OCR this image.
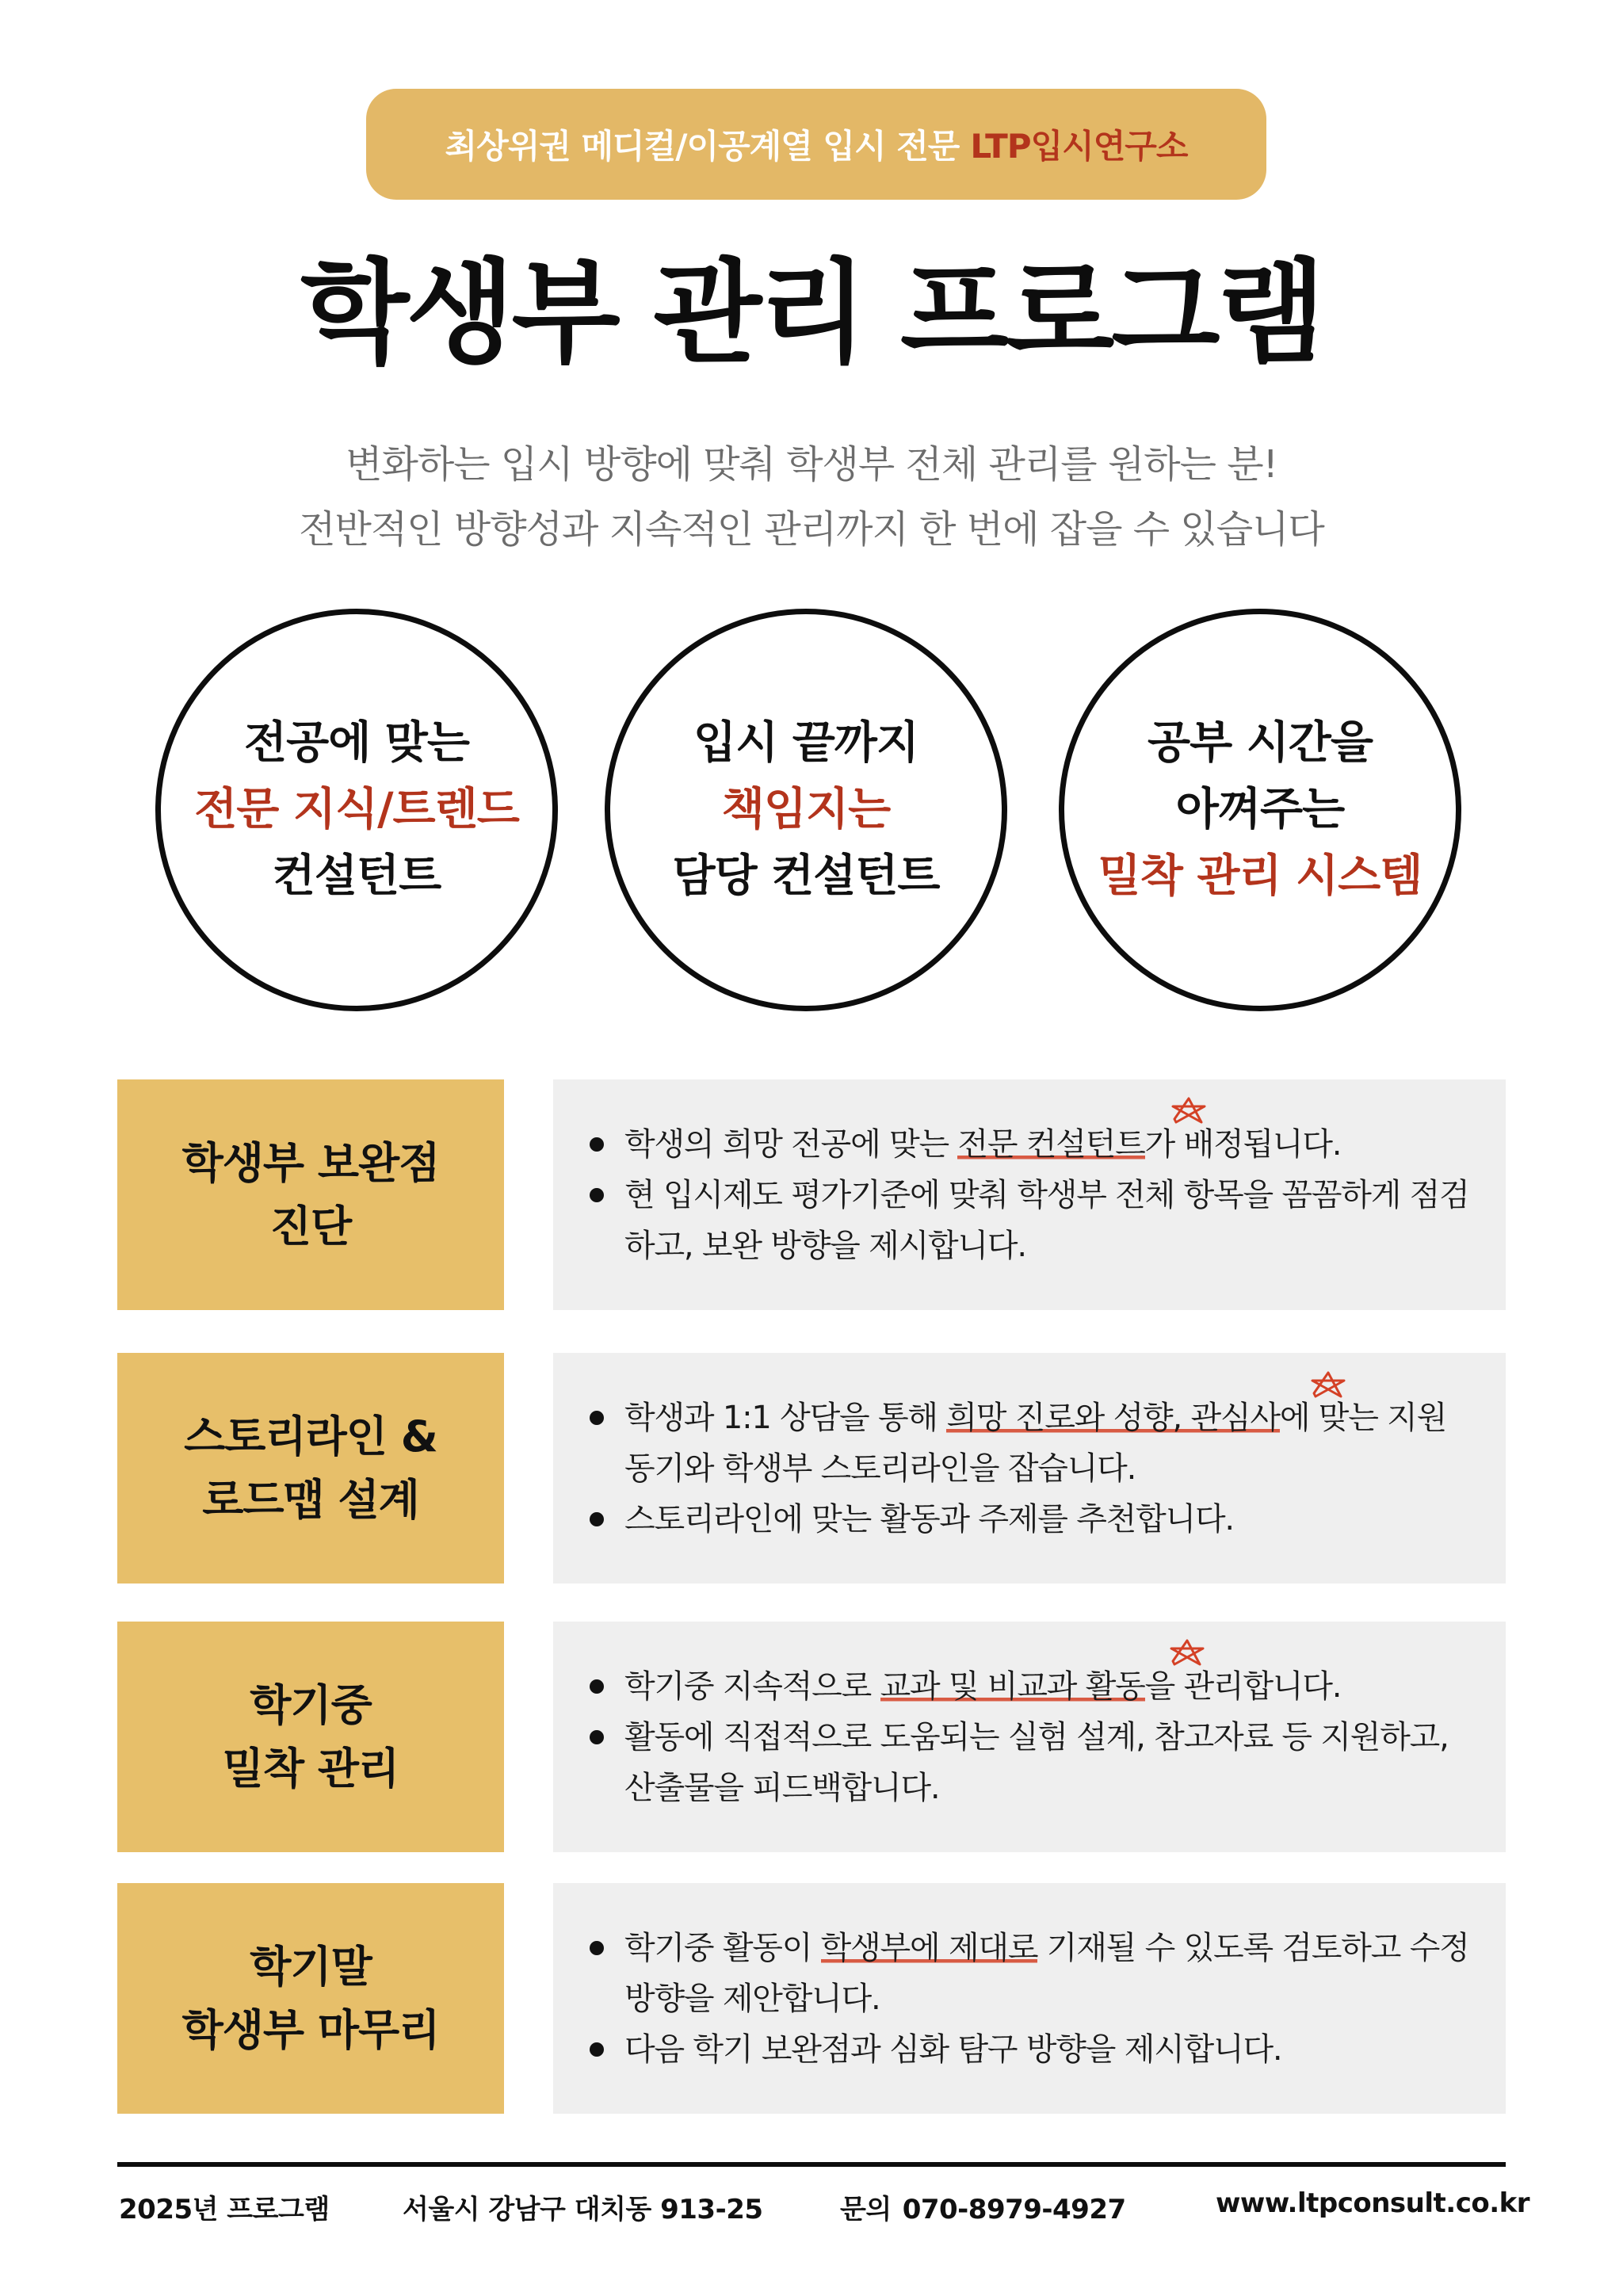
최상위권 메디컬/이공계열 입시 전문 LTP입시연구소
학생부 관리 프로그램
변화하는 입시 방향에 맞춰 학생부 전체 관리를 원하는 분!
전반적인 방향성과 지속적인 관리까지 한 번에 잡을 수 있습니다
전공에 맞는
전문 지식/트렌드
컨설턴트
입시 끝까지
책임지는
담당 컨설턴트
공부 시간을
아껴주는
밀착 관리 시스템
학생부 보완점
진단
학생의 희망 전공에 맞는 전문 컨설턴트가 배정됩니다.
현 입시제도 평가기준에 맞춰 학생부 전체 항목을 꼼꼼하게 점검하고, 보완 방향을 제시합니다.
스토리라인 &
로드맵 설계
학생과 1:1 상담을 통해 희망 진로와 성향, 관심사에 맞는 지원 동기와 학생부 스토리라인을 잡습니다.
스토리라인에 맞는 활동과 주제를 추천합니다.
학기중
밀착 관리
학기중 지속적으로 교과 및 비교과 활동을 관리합니다.
활동에 직접적으로 도움되는 실험 설계, 참고자료 등 지원하고, 산출물을 피드백합니다.
학기말
학생부 마무리
학기중 활동이 학생부에 제대로 기재될 수 있도록 검토하고 수정 방향을 제안합니다.
다음 학기 보완점과 심화 탐구 방향을 제시합니다.
2025년 프로그램	서울시 강남구 대치동 913-25	문의 070-8979-4927	www.ltpconsult.co.kr
